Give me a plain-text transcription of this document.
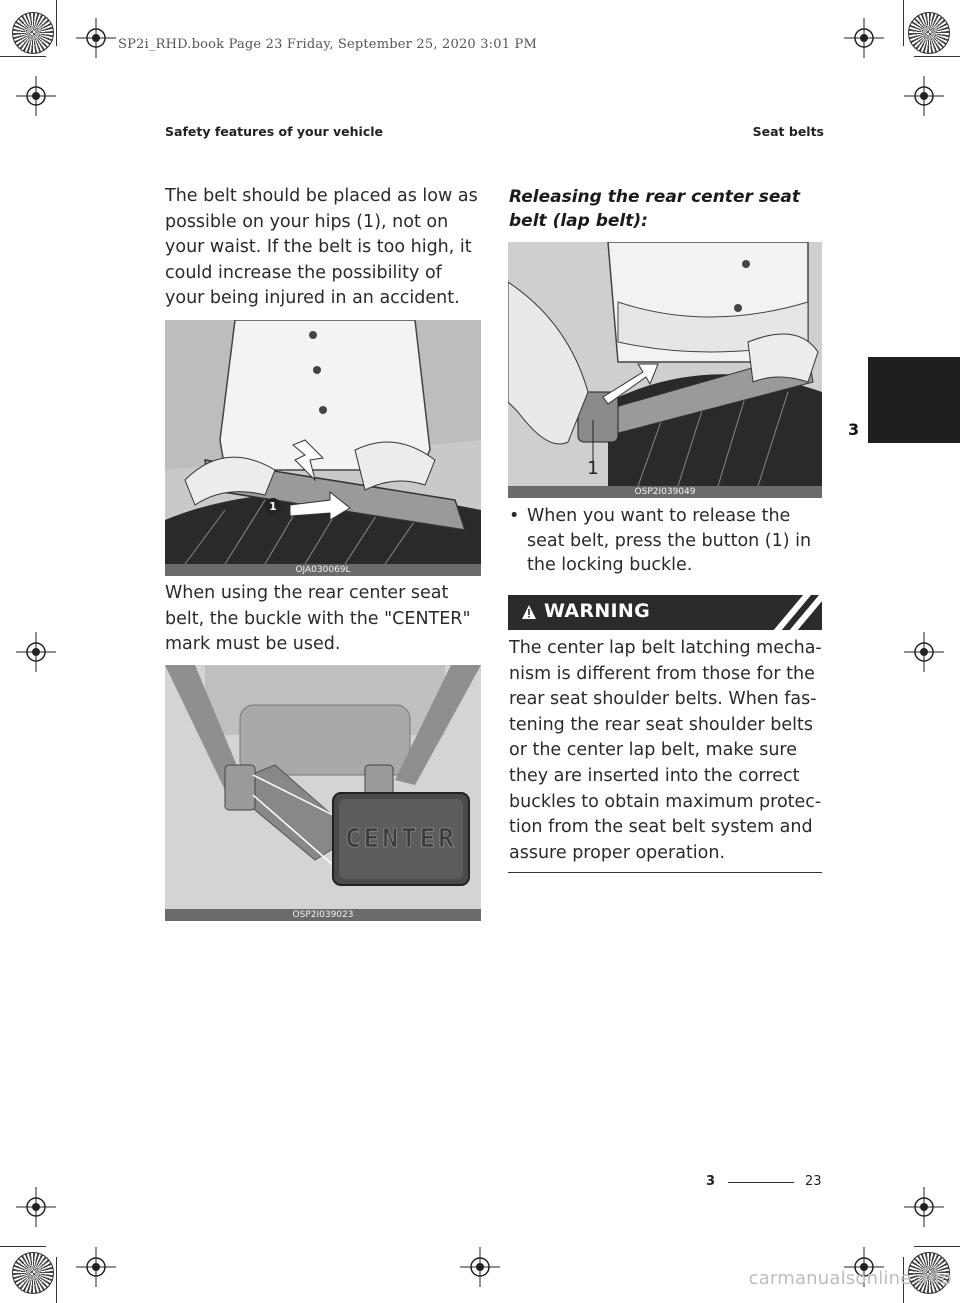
SP2i_RHD.book Page 23 Friday, September 25, 2020 3:01 PM
Safety features of your vehicle	Seat belts
3
The belt should be placed as low as possible on your hips (1), not on your waist. If the belt is too high, it could increase the possibility of your being injured in an accident.
1
OJA030069L
When using the rear center seat belt, the buckle with the "CENTER" mark must be used.
CENTER
OSP2I039023
Releasing the rear center seat belt (lap belt):
1
OSP2I039049
• When you want to release the seat belt, press the button (1) in the locking buckle.
WARNING
The center lap belt latching mecha-nism is different from those for the rear seat shoulder belts. When fas-tening the rear seat shoulder belts or the center lap belt, make sure they are inserted into the correct buckles to obtain maximum protec-tion from the seat belt system and assure proper operation.
3	23
carmanualsonline.info
